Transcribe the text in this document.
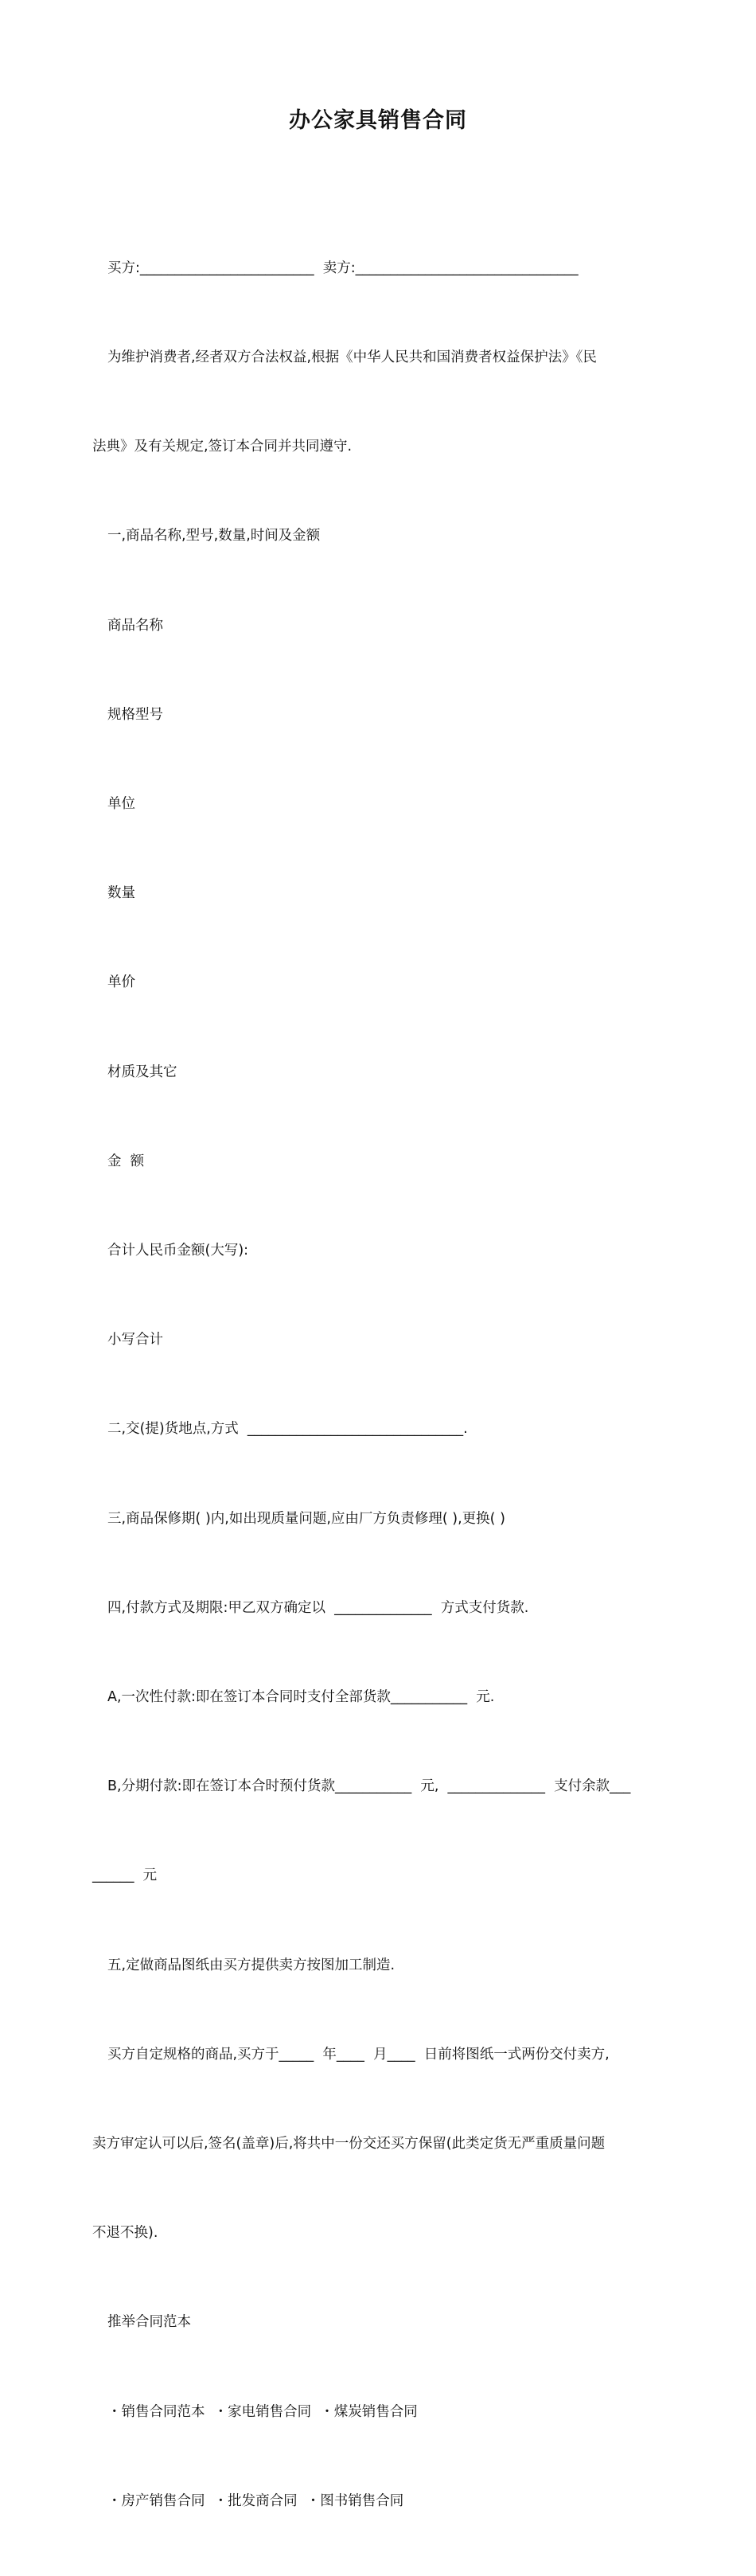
办公家具销售合同

买方:_________________________  卖方:________________________________

为维护消费者,经者双方合法权益,根据《中华人民共和国消费者权益保护法》《民

法典》及有关规定,签订本合同并共同遵守.

一,商品名称,型号,数量,时间及金额

商品名称

规格型号

单位

数量

单价

材质及其它

金  额

合计人民币金额(大写):

小写合计

二,交(提)货地点,方式  _______________________________.

三,商品保修期( )内,如出现质量问题,应由厂方负责修理( ),更换( )

四,付款方式及期限:甲乙双方确定以  ______________  方式支付货款.

A,一次性付款:即在签订本合同时支付全部货款___________  元.

B,分期付款:即在签订本合时预付货款___________  元,  ______________  支付余款___

______  元

五,定做商品图纸由买方提供卖方按图加工制造.

买方自定规格的商品,买方于_____  年____  月____  日前将图纸一式两份交付卖方,

卖方审定认可以后,签名(盖章)后,将共中一份交还买方保留(此类定货无严重质量问题

不退不换).

推举合同范本

・销售合同范本  ・家电销售合同  ・煤炭销售合同

・房产销售合同  ・批发商合同  ・图书销售合同
